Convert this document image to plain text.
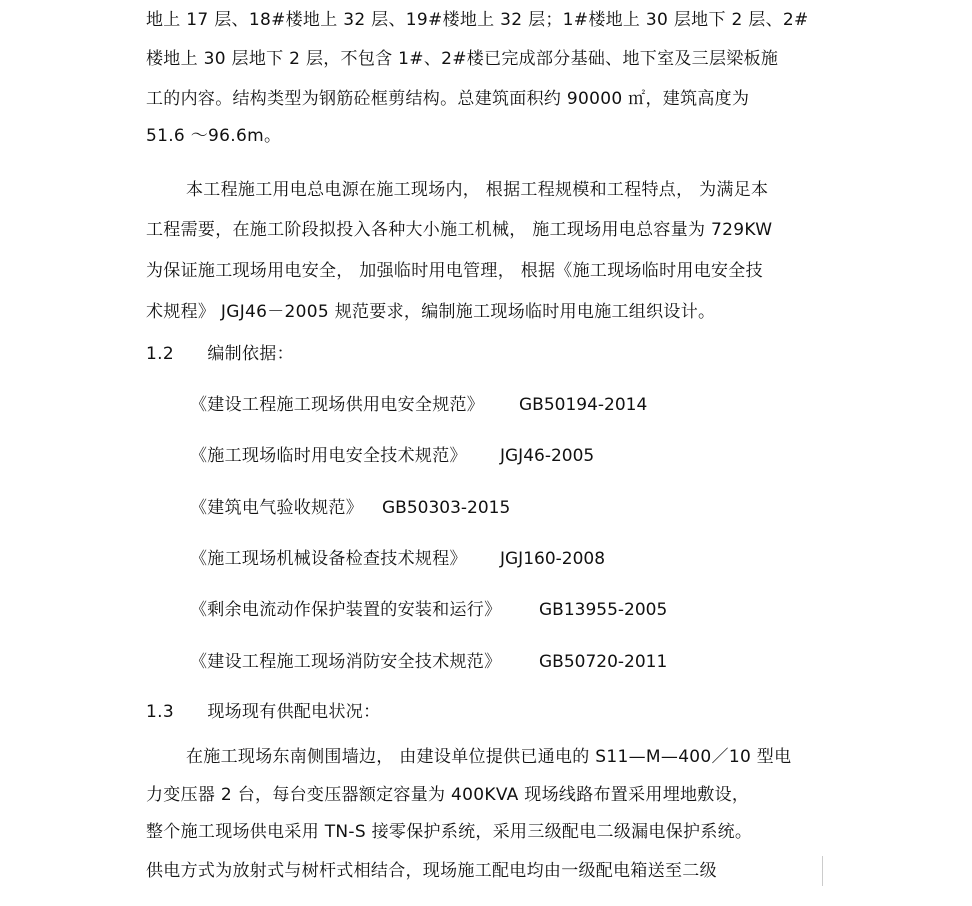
地上 17 层、18#楼地上 32 层、19#楼地上 32 层；1#楼地上 30 层地下 2 层、2#
楼地上 30 层地下 2 层，不包含 1#、2#楼已完成部分基础、地下室及三层梁板施
工的内容。结构类型为钢筋砼框剪结构。总建筑面积约 90000 ㎡，建筑高度为
51.6 ～96.6m。
本工程施工用电总电源在施工现场内， 根据工程规模和工程特点， 为满足本
工程需要，在施工阶段拟投入各种大小施工机械， 施工现场用电总容量为 729KW
为保证施工现场用电安全， 加强临时用电管理， 根据《施工现场临时用电安全技
术规程》 JGJ46－2005 规范要求，编制施工现场临时用电施工组织设计。
1.2 编制依据：
《建设工程施工现场供用电安全规范》 GB50194-2014
《施工现场临时用电安全技术规范》 JGJ46-2005
《建筑电气验收规范》 GB50303-2015
《施工现场机械设备检查技术规程》 JGJ160-2008
《剩余电流动作保护装置的安装和运行》 GB13955-2005
《建设工程施工现场消防安全技术规范》 GB50720-2011
1.3 现场现有供配电状况：
在施工现场东南侧围墙边， 由建设单位提供已通电的 S11—M—400／10 型电
力变压器 2 台，每台变压器额定容量为 400KVA 现场线路布置采用埋地敷设，
整个施工现场供电采用 TN-S 接零保护系统，采用三级配电二级漏电保护系统。
供电方式为放射式与树杆式相结合，现场施工配电均由一级配电箱送至二级
